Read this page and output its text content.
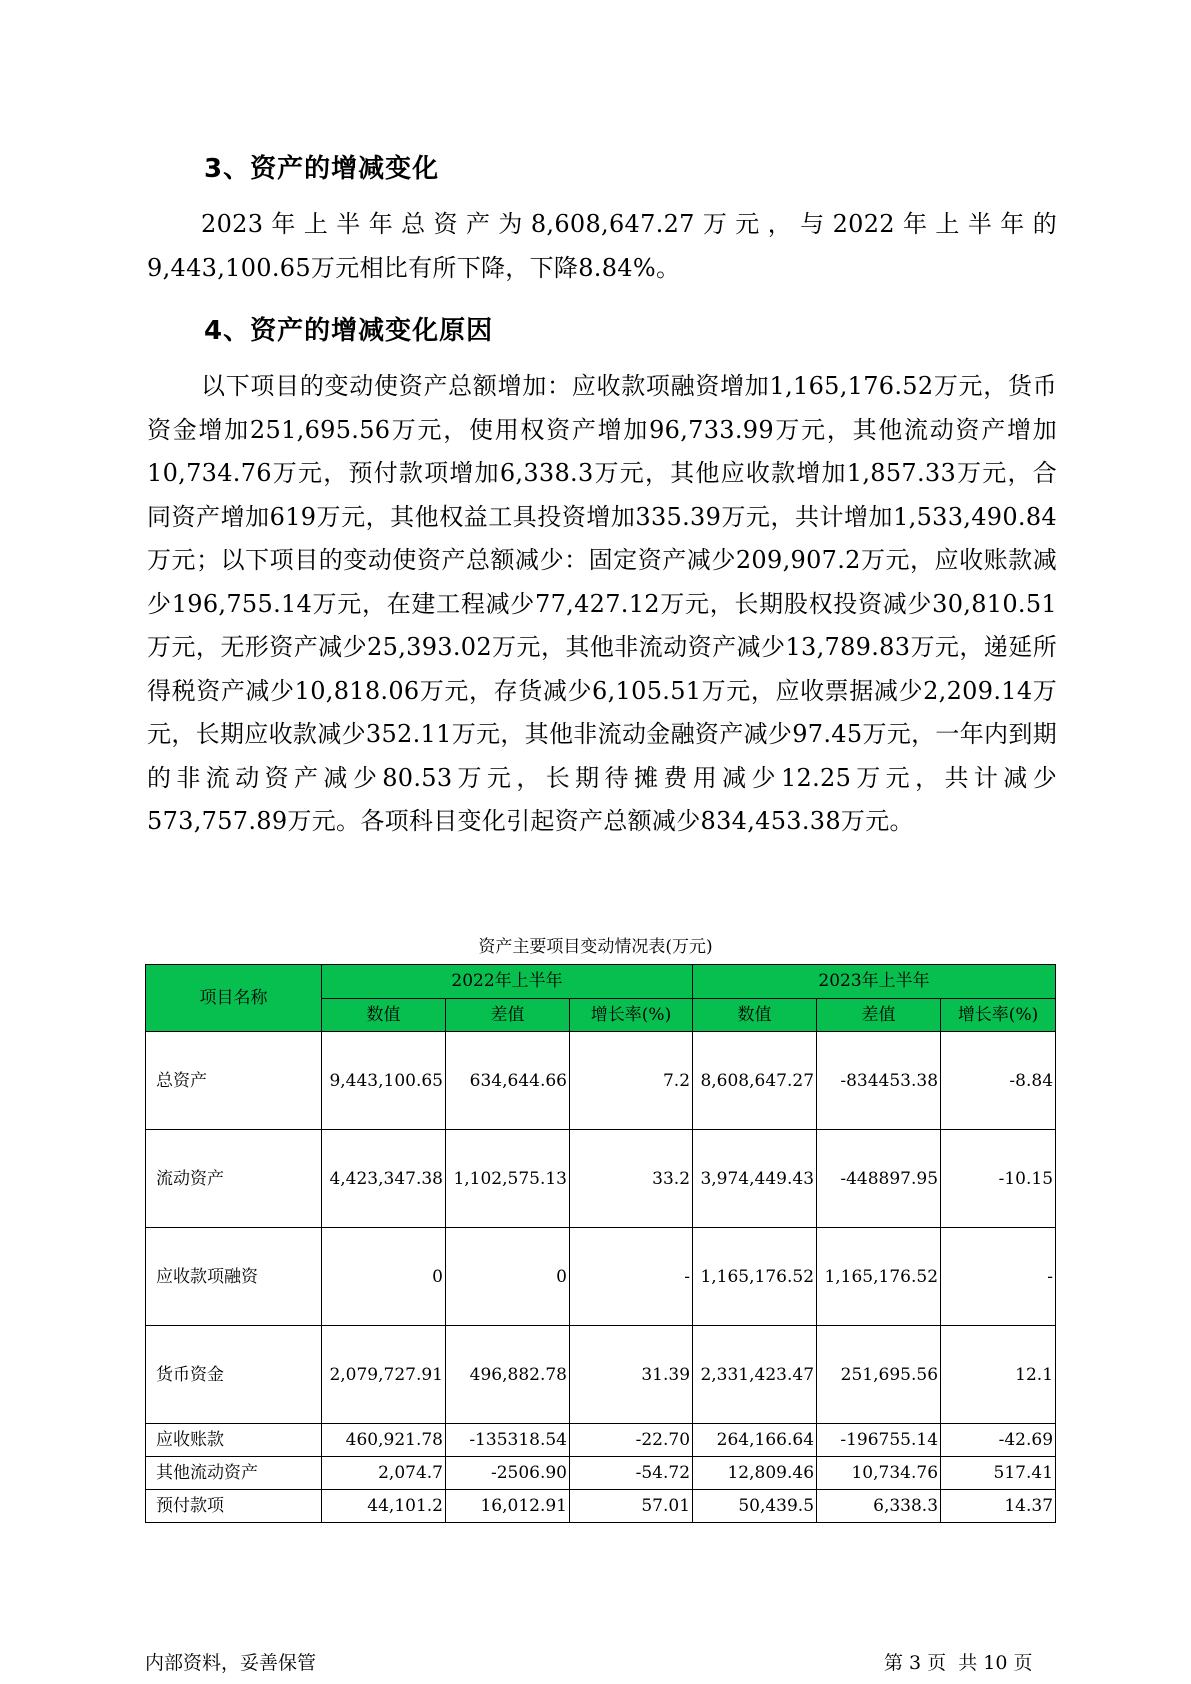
3、资产的增减变化

2023年上半年总资产为8,608,647.27万元，与2022年上半年的9,443,100.65万元相比有所下降，下降8.84%。

4、资产的增减变化原因

以下项目的变动使资产总额增加：应收款项融资增加1,165,176.52万元，货币资金增加251,695.56万元，使用权资产增加96,733.99万元，其他流动资产增加10,734.76万元，预付款项增加6,338.3万元，其他应收款增加1,857.33万元，合同资产增加619万元，其他权益工具投资增加335.39万元，共计增加1,533,490.84万元；以下项目的变动使资产总额减少：固定资产减少209,907.2万元，应收账款减少196,755.14万元，在建工程减少77,427.12万元，长期股权投资减少30,810.51万元，无形资产减少25,393.02万元，其他非流动资产减少13,789.83万元，递延所得税资产减少10,818.06万元，存货减少6,105.51万元，应收票据减少2,209.14万元，长期应收款减少352.11万元，其他非流动金融资产减少97.45万元，一年内到期的非流动资产减少80.53万元，长期待摊费用减少12.25万元，共计减少573,757.89万元。各项科目变化引起资产总额减少834,453.38万元。

资产主要项目变动情况表(万元)
项目名称	2022年上半年			2023年上半年		
	数值	差值	增长率(%)	数值	差值	增长率(%)
总资产	9,443,100.65	634,644.66	7.2	8,608,647.27	-834453.38	-8.84
流动资产	4,423,347.38	1,102,575.13	33.2	3,974,449.43	-448897.95	-10.15
应收款项融资	0	0	-	1,165,176.52	1,165,176.52	-
货币资金	2,079,727.91	496,882.78	31.39	2,331,423.47	251,695.56	12.1
应收账款	460,921.78	-135318.54	-22.70	264,166.64	-196755.14	-42.69
其他流动资产	2,074.7	-2506.90	-54.72	12,809.46	10,734.76	517.41
预付款项	44,101.2	16,012.91	57.01	50,439.5	6,338.3	14.37
内部资料，妥善保管	第 3 页  共 10 页
